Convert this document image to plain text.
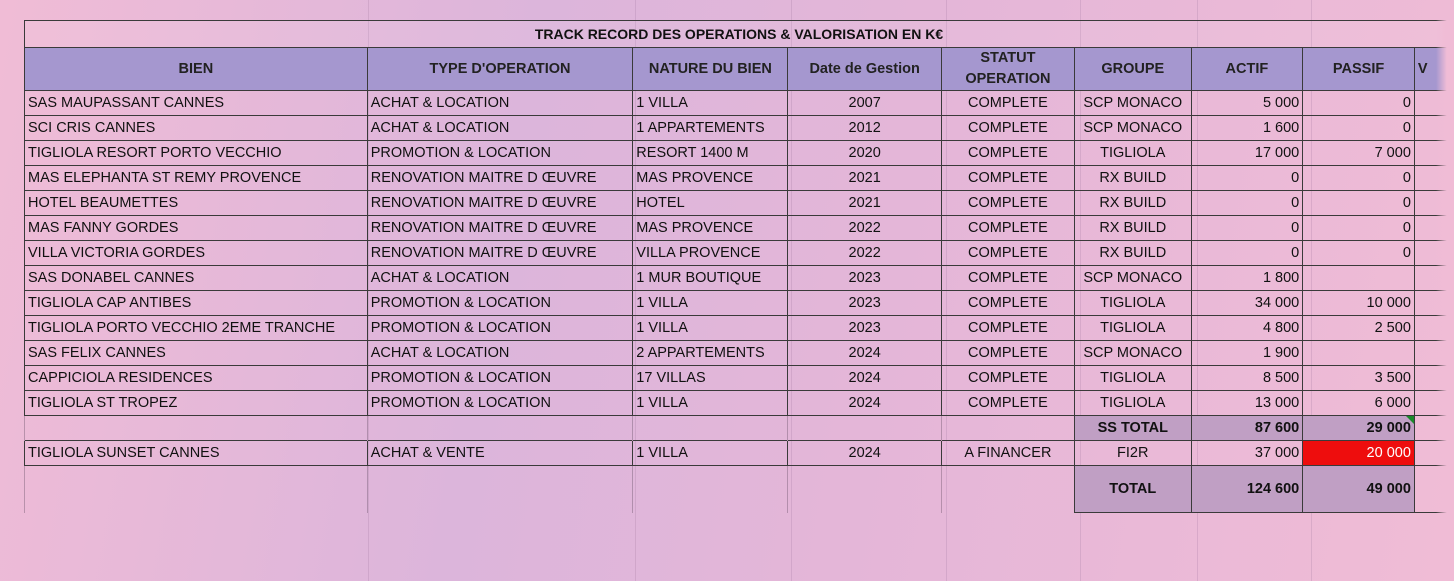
TRACK RECORD DES OPERATIONS & VALORISATION EN K€								
BIEN	TYPE D'OPERATION	NATURE DU BIEN	Date de Gestion	STATUT OPERATION	GROUPE	ACTIF	PASSIF	V
SAS MAUPASSANT CANNES	ACHAT & LOCATION	1 VILLA	2007	COMPLETE	SCP MONACO	5 000	0	
SCI CRIS CANNES	ACHAT & LOCATION	1 APPARTEMENTS	2012	COMPLETE	SCP MONACO	1 600	0	
TIGLIOLA RESORT PORTO VECCHIO	PROMOTION & LOCATION	RESORT 1400 M	2020	COMPLETE	TIGLIOLA	17 000	7 000	
MAS ELEPHANTA ST REMY PROVENCE	RENOVATION MAITRE D ŒUVRE	MAS PROVENCE	2021	COMPLETE	RX BUILD	0	0	
HOTEL BEAUMETTES	RENOVATION MAITRE D ŒUVRE	HOTEL	2021	COMPLETE	RX BUILD	0	0	
MAS FANNY GORDES	RENOVATION MAITRE D ŒUVRE	MAS PROVENCE	2022	COMPLETE	RX BUILD	0	0	
VILLA VICTORIA GORDES	RENOVATION MAITRE D ŒUVRE	VILLA PROVENCE	2022	COMPLETE	RX BUILD	0	0	
SAS DONABEL CANNES	ACHAT & LOCATION	1 MUR BOUTIQUE	2023	COMPLETE	SCP MONACO	1 800		
TIGLIOLA CAP ANTIBES	PROMOTION & LOCATION	1 VILLA	2023	COMPLETE	TIGLIOLA	34 000	10 000	
TIGLIOLA PORTO VECCHIO 2EME TRANCHE	PROMOTION & LOCATION	1 VILLA	2023	COMPLETE	TIGLIOLA	4 800	2 500	
SAS FELIX CANNES	ACHAT & LOCATION	2 APPARTEMENTS	2024	COMPLETE	SCP MONACO	1 900		
CAPPICIOLA RESIDENCES	PROMOTION & LOCATION	17 VILLAS	2024	COMPLETE	TIGLIOLA	8 500	3 500	
TIGLIOLA ST TROPEZ	PROMOTION & LOCATION	1 VILLA	2024	COMPLETE	TIGLIOLA	13 000	6 000	
					SS TOTAL	87 600	29 000

TIGLIOLA SUNSET CANNES	ACHAT & VENTE	1 VILLA	2024	A FINANCER	FI2R	37 000	20 000	
					TOTAL	124 600	49 000	
